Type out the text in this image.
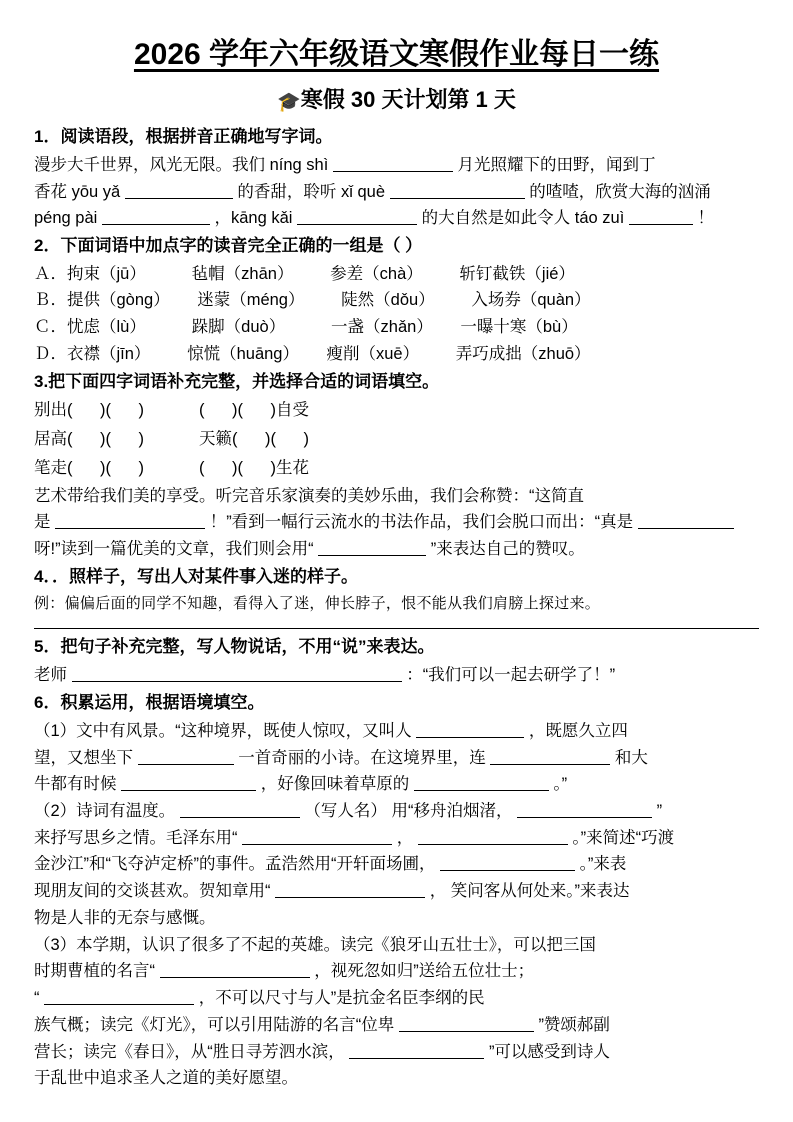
2026 学年六年级语文寒假作业每日一练
🎓寒假 30 天计划第 1 天
1．阅读语段，根据拼音正确地写字词。
漫步大千世界，风光无限。我们 níng shì	月光照耀下的田野，闻到丁
香花 yōu yǎ	的香甜，聆听 xǐ què	的喳喳，欣赏大海的汹涌
péng pài	，kāng kǎi	的大自然是如此令人 táo zuì	！
2．下面词语中加点字的读音完全正确的一组是（ ）
Ａ．拘束（jū）          毡帽（zhān）        参差（chà）        斩钉截铁（jié）
Ｂ．提供（gòng）      迷蒙（méng）        陡然（dǒu）        入场券（quàn）
Ｃ．忧虑（lù）          跺脚（duò）          一盏（zhǎn）      一曝十寒（bù）
Ｄ．衣襟（jīn）        惊慌（huāng）      瘦削（xuē）        弄巧成拙（zhuō）
3.把下面四字词语补充完整，并选择合适的词语填空。
别出(      )(      )            (      )(      )自受
居高(      )(      )            天籁(      )(      )
笔走(      )(      )            (      )(      )生花
艺术带给我们美的享受。听完音乐家演奏的美妙乐曲，我们会称赞：“这简直
是	！”看到一幅行云流水的书法作品，我们会脱口而出：“真是
呀!”读到一篇优美的文章，我们则会用“	”来表达自己的赞叹。
4．．照样子，写出人对某件事入迷的样子。
例：偏偏后面的同学不知趣，看得入了迷，伸长脖子，恨不能从我们肩膀上探过来。
5．把句子补充完整，写人物说话，不用“说”来表达。
老师	：“我们可以一起去研学了！”
6．积累运用，根据语境填空。
（1）文中有风景。“这种境界，既使人惊叹，又叫人	，既愿久立四
望，又想坐下	一首奇丽的小诗。在这境界里，连	和大
牛都有时候	，好像回味着草原的	。”
（2）诗词有温度。	（写人名） 用“移舟泊烟渚，	”
来抒写思乡之情。毛泽东用“	，	。”来简述“巧渡
金沙江”和“飞夺泸定桥”的事件。孟浩然用“开轩面场圃，	。”来表
现朋友间的交谈甚欢。贺知章用“	， 笑问客从何处来。”来表达
物是人非的无奈与感慨。
（3）本学期，认识了很多了不起的英雄。读完《狼牙山五壮士》，可以把三国
时期曹植的名言“	，视死忽如归”送给五位壮士；
“	，不可以尺寸与人”是抗金名臣李纲的民
族气概；读完《灯光》，可以引用陆游的名言“位卑	”赞颂郝副
营长；读完《春日》，从“胜日寻芳泗水滨，	”可以感受到诗人
于乱世中追求圣人之道的美好愿望。
